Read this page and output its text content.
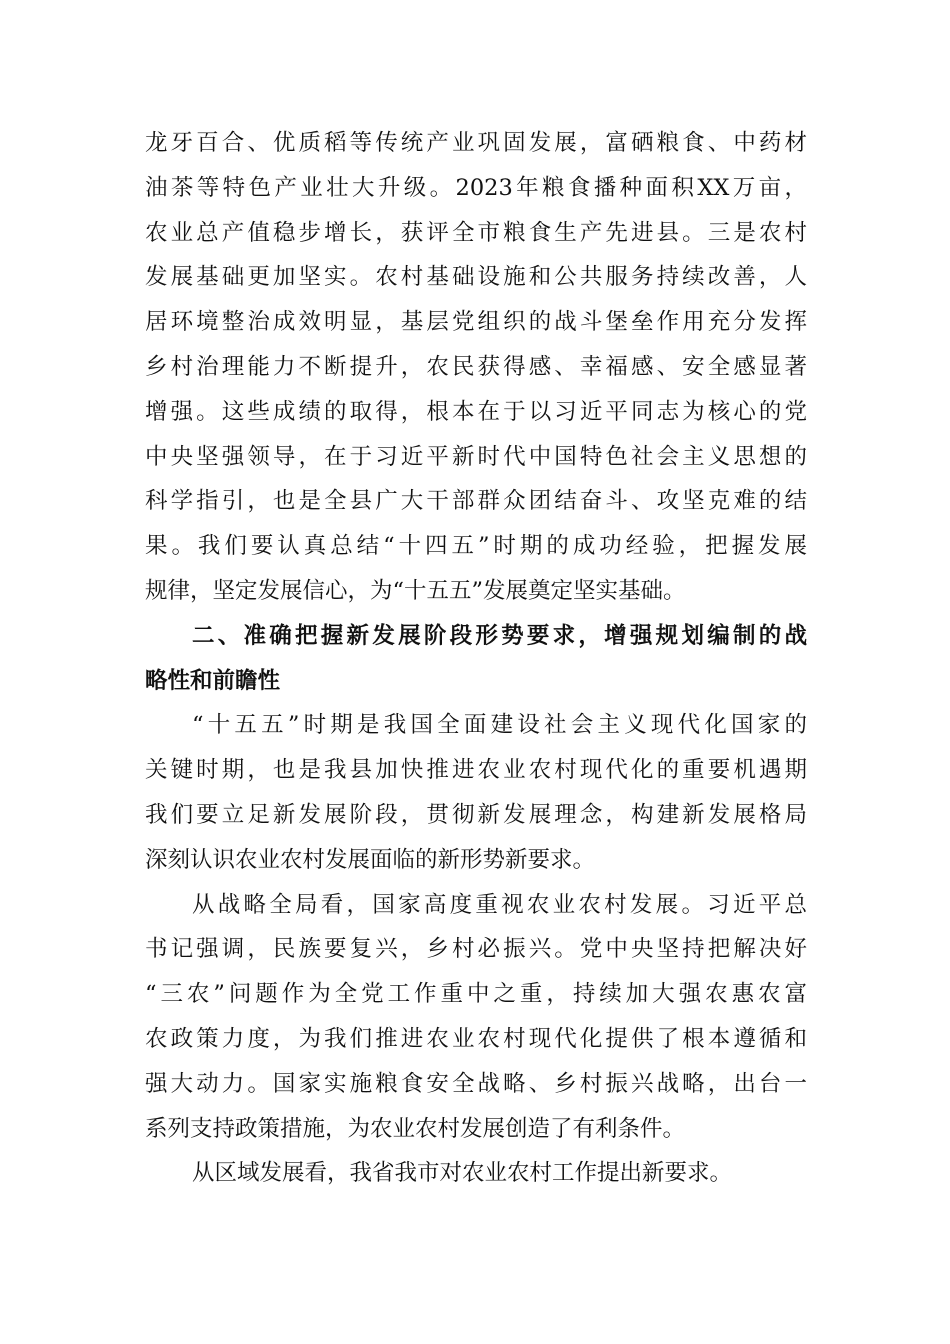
龙牙百合、优质稻等传统产业巩固发展，富硒粮食、中药材
油茶等特色产业壮大升级。2023年粮食播种面积XX万亩，
农业总产值稳步增长，获评全市粮食生产先进县。三是农村
发展基础更加坚实。农村基础设施和公共服务持续改善，人
居环境整治成效明显，基层党组织的战斗堡垒作用充分发挥
乡村治理能力不断提升，农民获得感、幸福感、安全感显著
增强。这些成绩的取得，根本在于以习近平同志为核心的党
中央坚强领导，在于习近平新时代中国特色社会主义思想的
科学指引，也是全县广大干部群众团结奋斗、攻坚克难的结
果。我们要认真总结“十四五”时期的成功经验，把握发展
规律，坚定发展信心，为“十五五”发展奠定坚实基础。
二、准确把握新发展阶段形势要求，增强规划编制的战
略性和前瞻性
“十五五”时期是我国全面建设社会主义现代化国家的
关键时期，也是我县加快推进农业农村现代化的重要机遇期
我们要立足新发展阶段，贯彻新发展理念，构建新发展格局
深刻认识农业农村发展面临的新形势新要求。
从战略全局看，国家高度重视农业农村发展。习近平总
书记强调，民族要复兴，乡村必振兴。党中央坚持把解决好
“三农”问题作为全党工作重中之重，持续加大强农惠农富
农政策力度，为我们推进农业农村现代化提供了根本遵循和
强大动力。国家实施粮食安全战略、乡村振兴战略，出台一
系列支持政策措施，为农业农村发展创造了有利条件。
从区域发展看，我省我市对农业农村工作提出新要求。
